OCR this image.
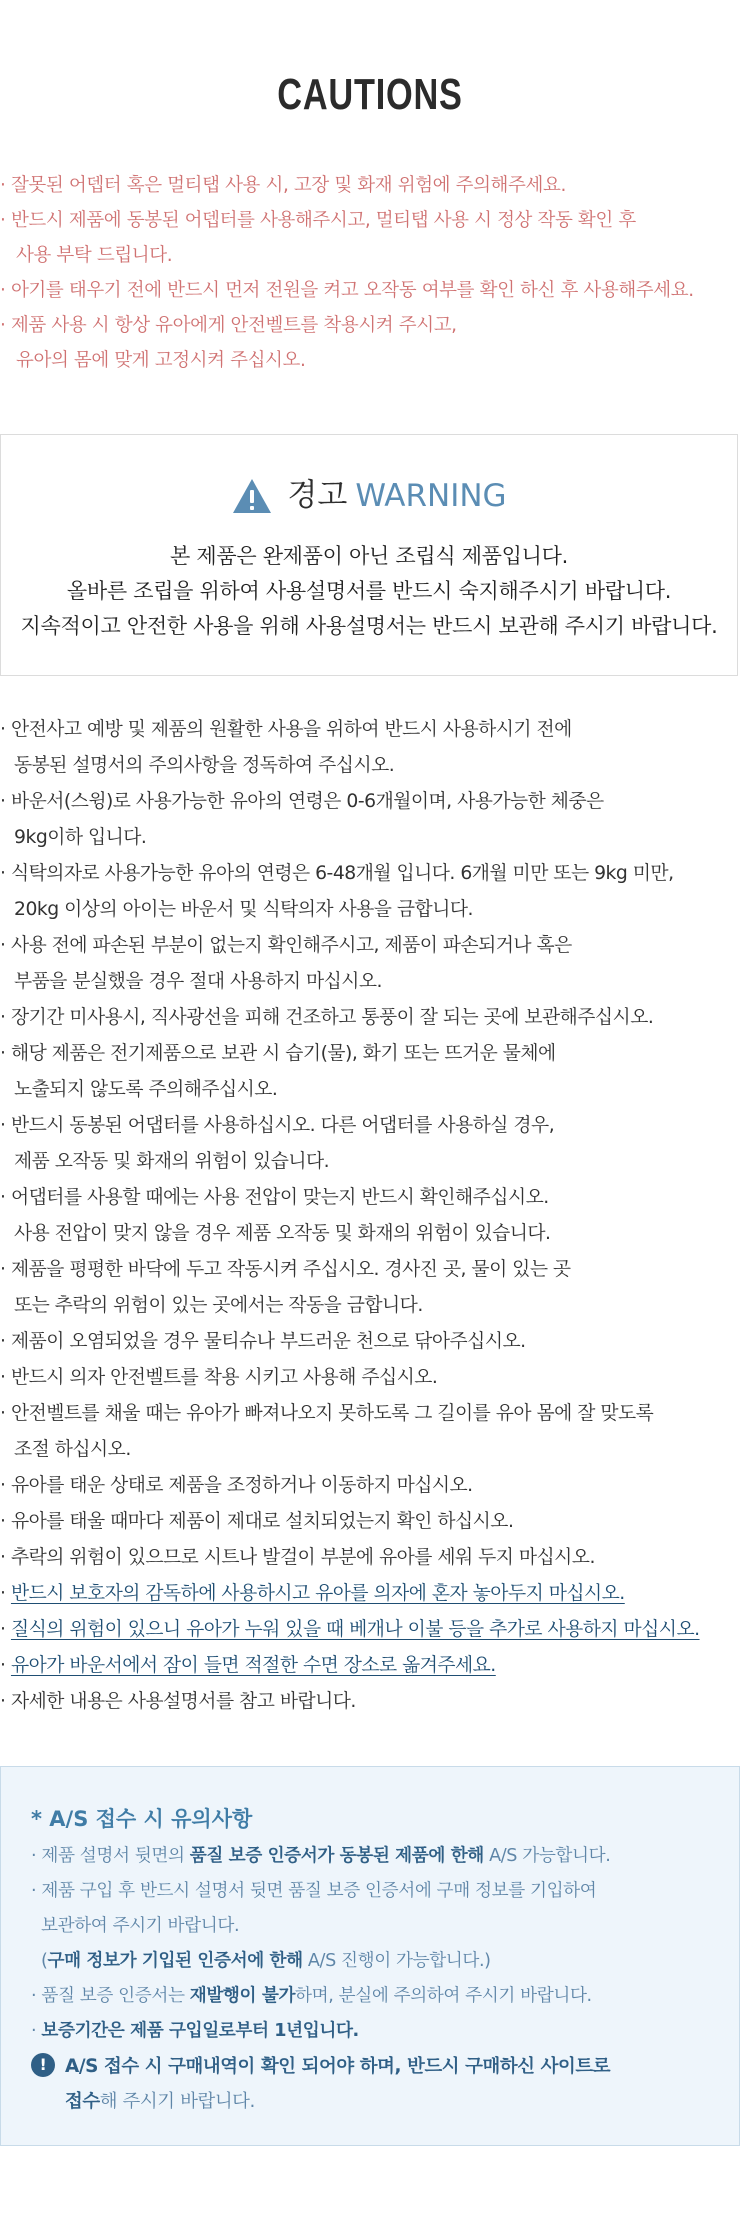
CAUTIONS
· 잘못된 어뎁터 혹은 멀티탭 사용 시, 고장 및 화재 위험에 주의해주세요.
· 반드시 제품에 동봉된 어뎁터를 사용해주시고, 멀티탭 사용 시 정상 작동 확인 후
사용 부탁 드립니다.
· 아기를 태우기 전에 반드시 먼저 전원을 켜고 오작동 여부를 확인 하신 후 사용해주세요.
· 제품 사용 시 항상 유아에게 안전벨트를 착용시켜 주시고,
유아의 몸에 맞게 고정시켜 주십시오.
경고 WARNING
본 제품은 완제품이 아닌 조립식 제품입니다.
올바른 조립을 위하여 사용설명서를 반드시 숙지해주시기 바랍니다.
지속적이고 안전한 사용을 위해 사용설명서는 반드시 보관해 주시기 바랍니다.
· 안전사고 예방 및 제품의 원활한 사용을 위하여 반드시 사용하시기 전에
동봉된 설명서의 주의사항을 정독하여 주십시오.
· 바운서(스윙)로 사용가능한 유아의 연령은 0-6개월이며, 사용가능한 체중은
9kg이하 입니다.
· 식탁의자로 사용가능한 유아의 연령은 6-48개월 입니다. 6개월 미만 또는 9kg 미만,
20kg 이상의 아이는 바운서 및 식탁의자 사용을 금합니다.
· 사용 전에 파손된 부분이 없는지 확인해주시고, 제품이 파손되거나 혹은
부품을 분실했을 경우 절대 사용하지 마십시오.
· 장기간 미사용시, 직사광선을 피해 건조하고 통풍이 잘 되는 곳에 보관해주십시오.
· 해당 제품은 전기제품으로 보관 시 습기(물), 화기 또는 뜨거운 물체에
노출되지 않도록 주의해주십시오.
· 반드시 동봉된 어댑터를 사용하십시오. 다른 어댑터를 사용하실 경우,
제품 오작동 및 화재의 위험이 있습니다.
· 어댑터를 사용할 때에는 사용 전압이 맞는지 반드시 확인해주십시오.
사용 전압이 맞지 않을 경우 제품 오작동 및 화재의 위험이 있습니다.
· 제품을 평평한 바닥에 두고 작동시켜 주십시오. 경사진 곳, 물이 있는 곳
또는 추락의 위험이 있는 곳에서는 작동을 금합니다.
· 제품이 오염되었을 경우 물티슈나 부드러운 천으로 닦아주십시오.
· 반드시 의자 안전벨트를 착용 시키고 사용해 주십시오.
· 안전벨트를 채울 때는 유아가 빠져나오지 못하도록 그 길이를 유아 몸에 잘 맞도록
조절 하십시오.
· 유아를 태운 상태로 제품을 조정하거나 이동하지 마십시오.
· 유아를 태울 때마다 제품이 제대로 설치되었는지 확인 하십시오.
· 추락의 위험이 있으므로 시트나 발걸이 부분에 유아를 세워 두지 마십시오.
· 반드시 보호자의 감독하에 사용하시고 유아를 의자에 혼자 놓아두지 마십시오.
· 질식의 위험이 있으니 유아가 누워 있을 때 베개나 이불 등을 추가로 사용하지 마십시오.
· 유아가 바운서에서 잠이 들면 적절한 수면 장소로 옮겨주세요.
· 자세한 내용은 사용설명서를 참고 바랍니다.
* A/S 접수 시 유의사항
· 제품 설명서 뒷면의 품질 보증 인증서가 동봉된 제품에 한해 A/S 가능합니다.
· 제품 구입 후 반드시 설명서 뒷면 품질 보증 인증서에 구매 정보를 기입하여
보관하여 주시기 바랍니다.
(구매 정보가 기입된 인증서에 한해 A/S 진행이 가능합니다.)
· 품질 보증 인증서는 재발행이 불가하며, 분실에 주의하여 주시기 바랍니다.
· 보증기간은 제품 구입일로부터 1년입니다.
! A/S 접수 시 구매내역이 확인 되어야 하며, 반드시 구매하신 사이트로
접수해 주시기 바랍니다.
